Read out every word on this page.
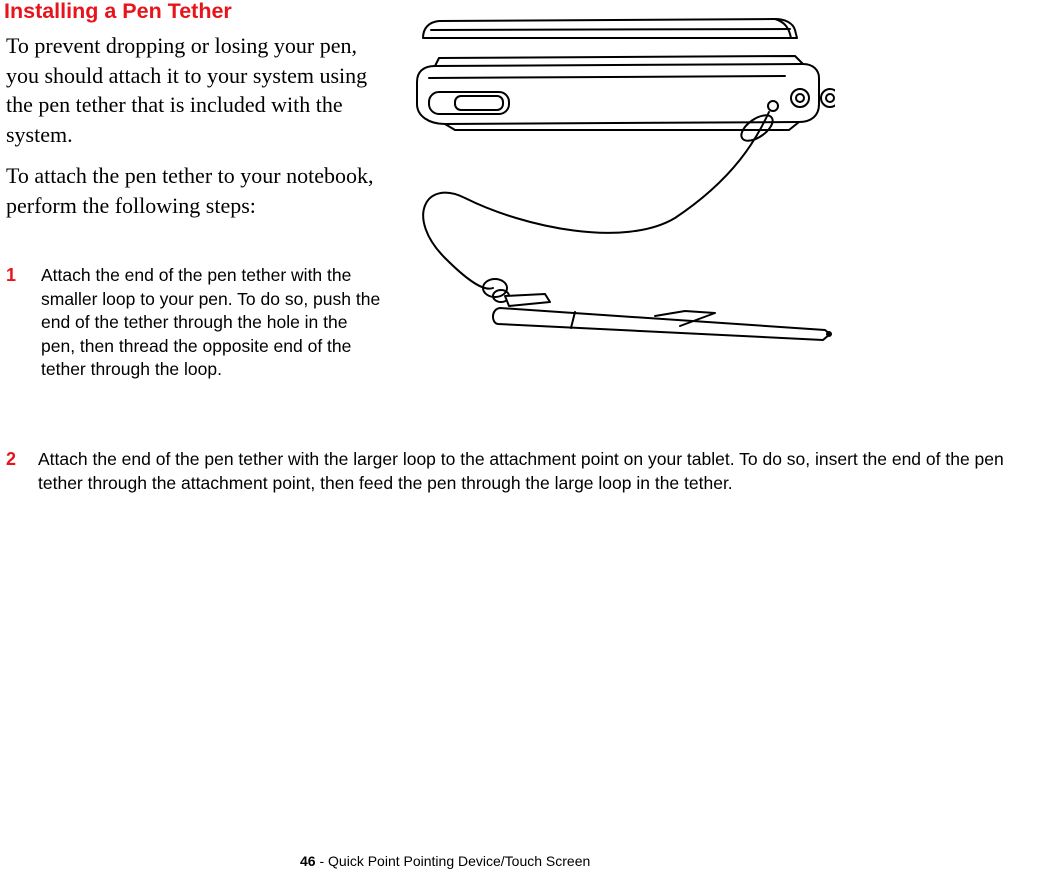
Installing a Pen Tether

To prevent dropping or losing your pen, you should attach it to your system using the pen tether that is included with the system.

To attach the pen tether to your notebook, perform the following steps:

1 Attach the end of the pen tether with the smaller loop to your pen. To do so, push the end of the tether through the hole in the pen, then thread the opposite end of the tether through the loop.

2 Attach the end of the pen tether with the larger loop to the attachment point on your tablet. To do so, insert the end of the pen tether through the attachment point, then feed the pen through the large loop in the tether.

46 - Quick Point Pointing Device/Touch Screen
